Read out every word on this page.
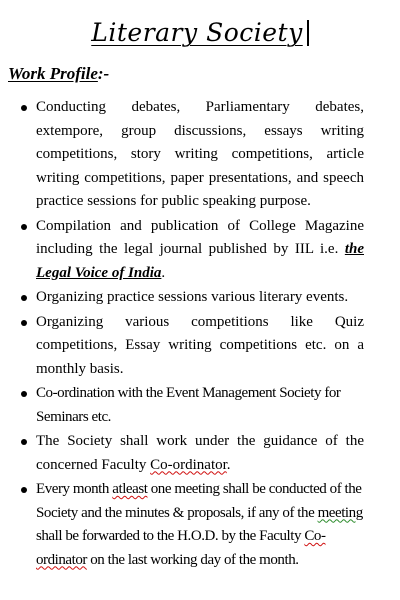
Literary Society
Work Profile:-
Conducting debates, Parliamentary debates, extempore, group discussions, essays writing competitions, story writing competitions, article writing competitions, paper presentations, and speech practice sessions for public speaking purpose.
Compilation and publication of College Magazine including the legal journal published by IIL i.e. the Legal Voice of India.
Organizing practice sessions various literary events.
Organizing various competitions like Quiz competitions, Essay writing competitions etc. on a monthly basis.
Co-ordination with the Event Management Society for Seminars etc.
The Society shall work under the guidance of the concerned Faculty Co-ordinator.
Every month atleast one meeting shall be conducted of the Society and the minutes & proposals, if any of the meeting shall be forwarded to the H.O.D. by the Faculty Co-ordinator on the last working day of the month.
